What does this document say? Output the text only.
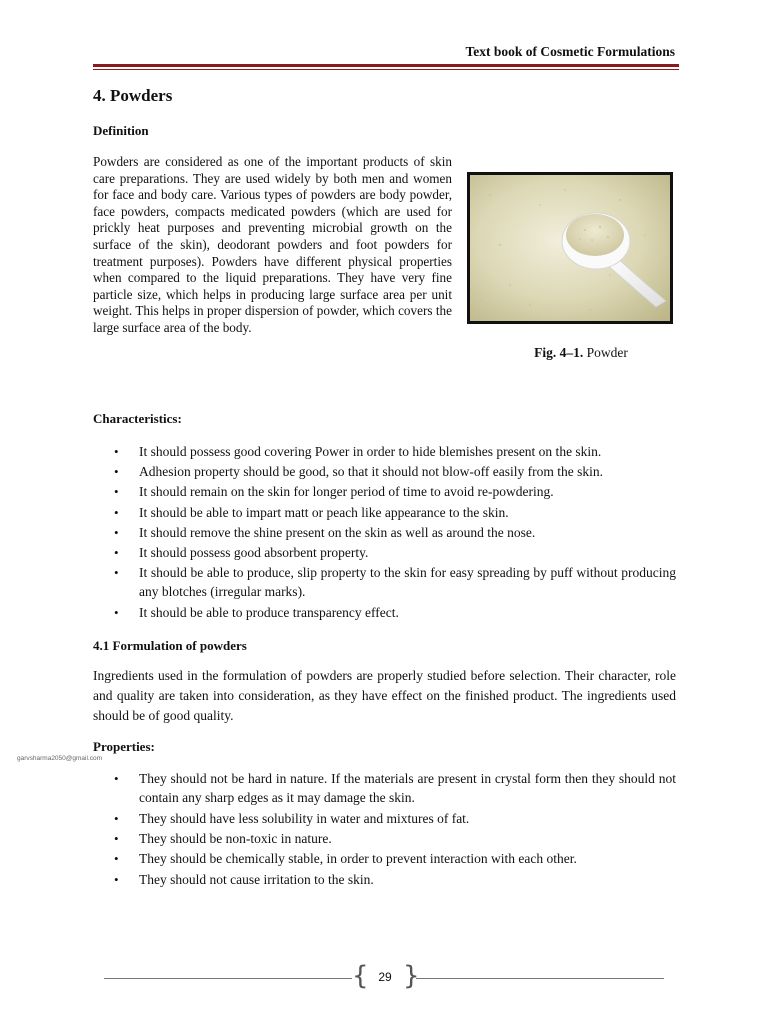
Text book of Cosmetic Formulations
4. Powders
Definition

Powders are considered as one of the important products of skin care preparations. They are used widely by both men and women for face and body care. Various types of powders are body powder, face powders, compacts medicated powders (which are used for prickly heat purposes and preventing microbial growth on the surface of the skin), deodorant powders and foot powders for treatment purposes). Powders have different physical properties when compared to the liquid preparations. They have very fine particle size, which helps in producing large surface area per unit weight. This helps in proper dispersion of powder, which covers the large surface area of the body.

Fig. 4–1. Powder
Characteristics:
• It should possess good covering Power in order to hide blemishes present on the skin.
• Adhesion property should be good, so that it should not blow-off easily from the skin.
• It should remain on the skin for longer period of time to avoid re-powdering.
• It should be able to impart matt or peach like appearance to the skin.
• It should remove the shine present on the skin as well as around the nose.
• It should possess good absorbent property.
• It should be able to produce, slip property to the skin for easy spreading by puff without producing any blotches (irregular marks).
• It should be able to produce transparency effect.
4.1 Formulation of powders

Ingredients used in the formulation of powders are properly studied before selection. Their character, role and quality are taken into consideration, as they have effect on the finished product. The ingredients used should be of good quality.

Properties:
garvsharma2050@gmail.com
• They should not be hard in nature. If the materials are present in crystal form then they should not contain any sharp edges as it may damage the skin.
• They should have less solubility in water and mixtures of fat.
• They should be non-toxic in nature.
• They should be chemically stable, in order to prevent interaction with each other.
• They should not cause irritation to the skin.
{ }
29
